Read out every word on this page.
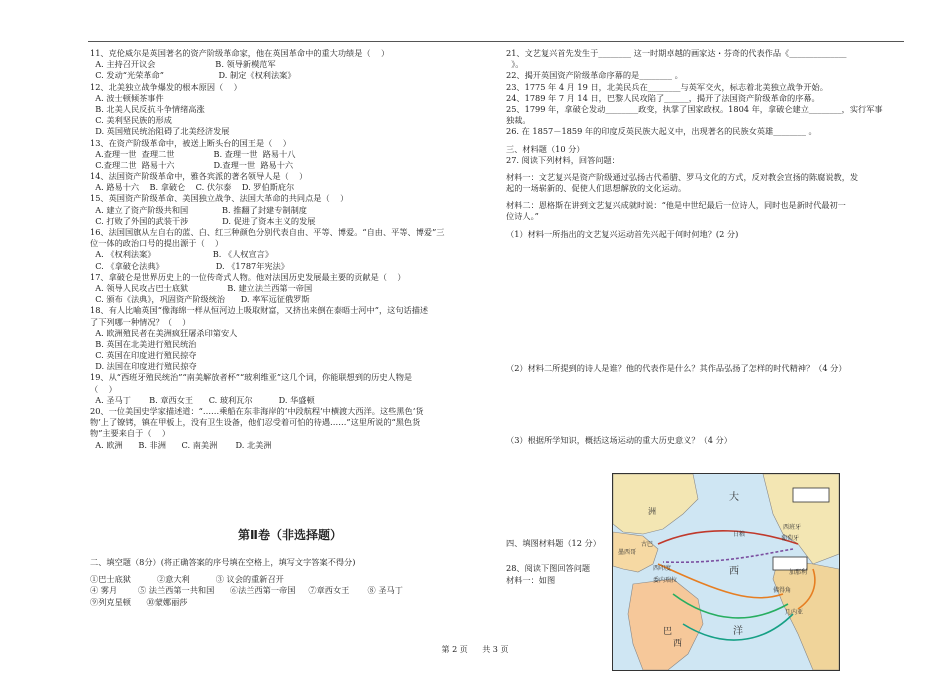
11、克伦威尔是英国著名的资产阶级革命家，他在英国革命中的重大功绩是（    ）
A. 主持召开议会                       B. 领导新模范军
C. 发动“光荣革命”                     D. 制定《权利法案》
12、北美独立战争爆发的根本原因（    ）
A. 波士顿倾茶事件
B. 北美人民反抗斗争情绪高涨
C. 美利坚民族的形成
D. 英国殖民统治阻碍了北美经济发展
13、在资产阶级革命中，被送上断头台的国王是（    ）
A.查理一世  查理二世               B. 查理一世  路易十八
C.查理二世  路易十六               D.查理一世  路易十六
14、法国资产阶级革命中，雅各宾派的著名领导人是（    ）
A. 路易十六    B. 拿破仑    C. 伏尔泰    D. 罗伯斯庇尔
15、英国资产阶级革命、美国独立战争、法国大革命的共同点是（    ）
A. 建立了资产阶级共和国             B. 推翻了封建专制制度
C. 打败了外国的武装干涉             D. 促进了资本主义的发展
16、法国国旗从左自右的蓝、白、红三种颜色分别代表自由、平等、博爱。“自由、平等、博爱”三
位一体的政治口号的提出源于（    ）
A. 《权利法案》                      B. 《人权宣言》
C. 《拿破仑法典》                    D. 《1787年宪法》
17、拿破仑是世界历史上的一位传奇式人物。他对法国历史发展最主要的贡献是（    ）
A. 领导人民攻占巴士底狱               B. 建立法兰西第一帝国
C. 颁布《法典》，巩固资产阶级统治      D. 率军远征俄罗斯
18、有人比喻英国“像海绵一样从恒河边上吸取财富，又挤出来倒在泰晤士河中”，这句话描述
了下列哪一种情况？（    ）
A. 欧洲殖民者在美洲疯狂屠杀印第安人
B. 英国在北美进行殖民统治
C. 英国在印度进行殖民掠夺
D. 法国在印度进行殖民掠夺
19、从“西班牙殖民统治”“南美解放者杯”“玻利维亚”这几个词，你能联想到的历史人物是
（    ）
A. 圣马丁       B. 章西女王      C. 玻利瓦尔          D. 华盛顿
20、一位美国史学家描述道：“……乘船在东非海岸的‘中段航程’中横渡大西洋。这些黑色‘货
物’上了镣铐，镇在甲板上，没有卫生设备，他们忍受着可怕的待遇……”这里所说的“黑色货
物”主要来自于（    ）
A. 欧洲      B. 非洲      C. 南美洲       D. 北美洲
第Ⅱ卷（非选择题）
二、填空题（8分）(将正确答案的序号填在空格上，填写文字答案不得分)
①巴士底狱          ②意大利          ③ 议会的重新召开
④ 雾月        ⑤ 法兰西第一共和国      ⑥法兰西第一帝国     ⑦章西女王       ⑧ 圣马丁
⑨列克星顿      ⑩蒙娜丽莎
21、文艺复兴首先发生于________ 这一时期卓越的画家达・芬奇的代表作品《______________
》。
22、揭开英国资产阶级革命序幕的是________ 。
23、1775 年 4 月 19 日，北美民兵在________与英军交火，标志着北美独立战争开始。
24、1789 年 7 月 14 日，巴黎人民攻陷了______，揭开了法国资产阶级革命的序幕。
25、1799 年，拿破仑发动________政变，执掌了国家政权。1804 年，拿破仑建立________，实行军事
独裁。
26. 在 1857－1859 年的印度反英民族大起义中，出现著名的民族女英雄________ 。
三、材料题（10 分）
27. 阅读下列材料，回答问题：
材料一：文艺复兴是资产阶级通过弘扬古代希腊、罗马文化的方式，反对教会宣扬的陈腐说教，发
起的一场崭新的、促使人们思想解放的文化运动。
材料二：恩格斯在讲到文艺复兴成就时说：“他是中世纪最后一位诗人，同时也是新时代最初一
位诗人。”
（1）材料一所指出的文艺复兴运动首先兴起于何时何地？(2 分)
（2）材料二所提到的诗人是谁？他的代表作是什么？其作品弘扬了怎样的时代精神？（4 分）
（3）根据所学知识，概括这场运动的重大历史意义？（4 分）
四、填图材料题（12 分）
28、阅读下图回答问题
材料一：如图
大
洲
西
洋
巴
西
日粮
西班牙
葡萄牙
墨西哥
古巴
西印度
委内瑞拉
加那利
几内亚
佛得角
第 2 页 共 3 页
